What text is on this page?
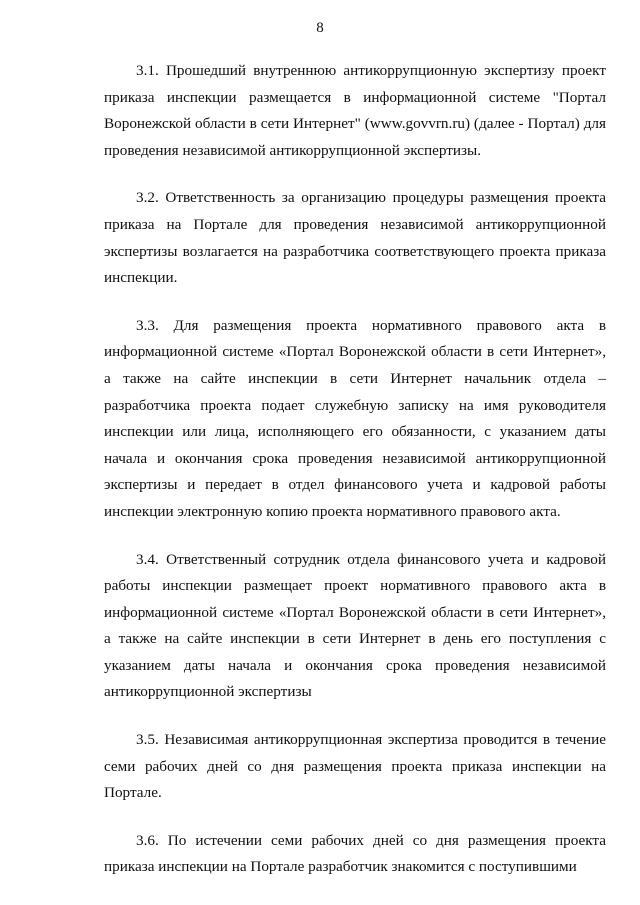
8

3.1. Прошедший внутреннюю антикоррупционную экспертизу проект приказа инспекции размещается в информационной системе "Портал Воронежской области в сети Интернет" (www.govvrn.ru) (далее - Портал) для проведения независимой антикоррупционной экспертизы.

3.2. Ответственность за организацию процедуры размещения проекта приказа на Портале для проведения независимой антикоррупционной экспертизы возлагается на разработчика соответствующего проекта приказа инспекции.

3.3. Для размещения проекта нормативного правового акта в информационной системе «Портал Воронежской области в сети Интернет», а также на сайте инспекции в сети Интернет начальник отдела – разработчика проекта подает служебную записку на имя руководителя инспекции или лица, исполняющего его обязанности, с указанием даты начала и окончания срока проведения независимой антикоррупционной экспертизы и передает в отдел финансового учета и кадровой работы инспекции электронную копию проекта нормативного правового акта.

3.4. Ответственный сотрудник отдела финансового учета и кадровой работы инспекции размещает проект нормативного правового акта в информационной системе «Портал Воронежской области в сети Интернет», а также на сайте инспекции в сети Интернет в день его поступления с указанием даты начала и окончания срока проведения независимой антикоррупционной экспертизы

3.5. Независимая антикоррупционная экспертиза проводится в течение семи рабочих дней со дня размещения проекта приказа инспекции на Портале.

3.6. По истечении семи рабочих дней со дня размещения проекта приказа инспекции на Портале разработчик знакомится с поступившими
